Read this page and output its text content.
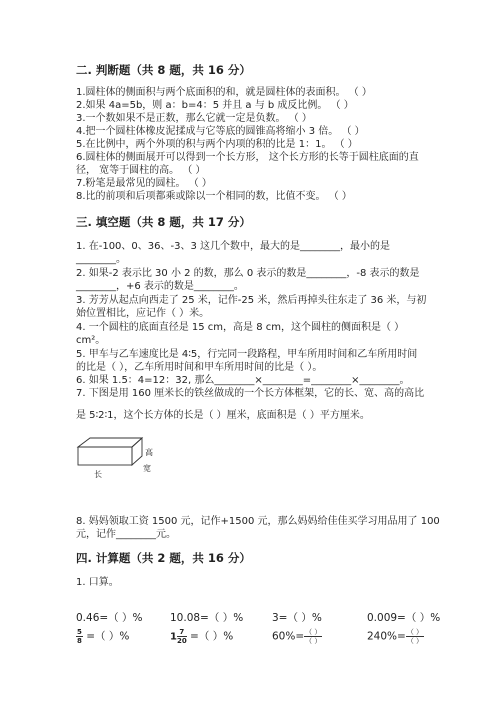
二. 判断题（共 8 题，共 16 分）
1.圆柱体的侧面积与两个底面积的和，就是圆柱体的表面积。 （ ）
2.如果 4a=5b，则 a：b=4：5 并且 a 与 b 成反比例。 （ ）
3.一个数如果不是正数，那么它就一定是负数。 （ ）
4.把一个圆柱体橡皮泥揉成与它等底的圆锥高将缩小 3 倍。 （ ）
5.在比例中，两个外项的积与两个内项的积的比是 1：1。 （ ）
6.圆柱体的侧面展开可以得到一个长方形， 这个长方形的长等于圆柱底面的直
径， 宽等于圆柱的高。 （ ）
7.粉笔是最常见的圆柱。 （ ）
8.比的前项和后项都乘或除以一个相同的数，比值不变。 （ ）
三. 填空题（共 8 题，共 17 分）
1. 在-100、0、36、-3、3 这几个数中，最大的是________，最小的是
________。
2. 如果-2 表示比 30 小 2 的数，那么 0 表示的数是________，-8 表示的数是
________，+6 表示的数是________。
3. 芳芳从起点向西走了 25 米，记作-25 米，然后再掉头往东走了 36 米，与初
始位置相比，应记作（ ）米。
4. 一个圆柱的底面直径是 15 cm，高是 8 cm，这个圆柱的侧面积是（ ）
cm²。
5. 甲车与乙车速度比是 4∶5，行完同一段路程，甲车所用时间和乙车所用时间
的比是（ ），乙车所用时间和甲车所用时间的比是（ ）。
6. 如果 1.5：4=12：32, 那么________×________=________×________。
7. 下图是用 160 厘米长的铁丝做成的一个长方体框架，它的长、宽、高的高比
是 5∶2∶1，这个长方体的长是（ ）厘米，底面积是（ ）平方厘米。
高
宽
长
8. 妈妈领取工资 1500 元，记作+1500 元，那么妈妈给佳佳买学习用品用了 100
元，记作________元。
四. 计算题（共 2 题，共 16 分）
1. 口算。
0.46=（ ）%	10.08=（ ）%	3=（ ）%	0.009=（ ）%
$\frac{5}{8}$ =（ ）%	$1 \frac{7}{20}$ =（ ）%	$60\%= \frac{( )}{( )}$	$240\%= \frac{( )}{( )}$
